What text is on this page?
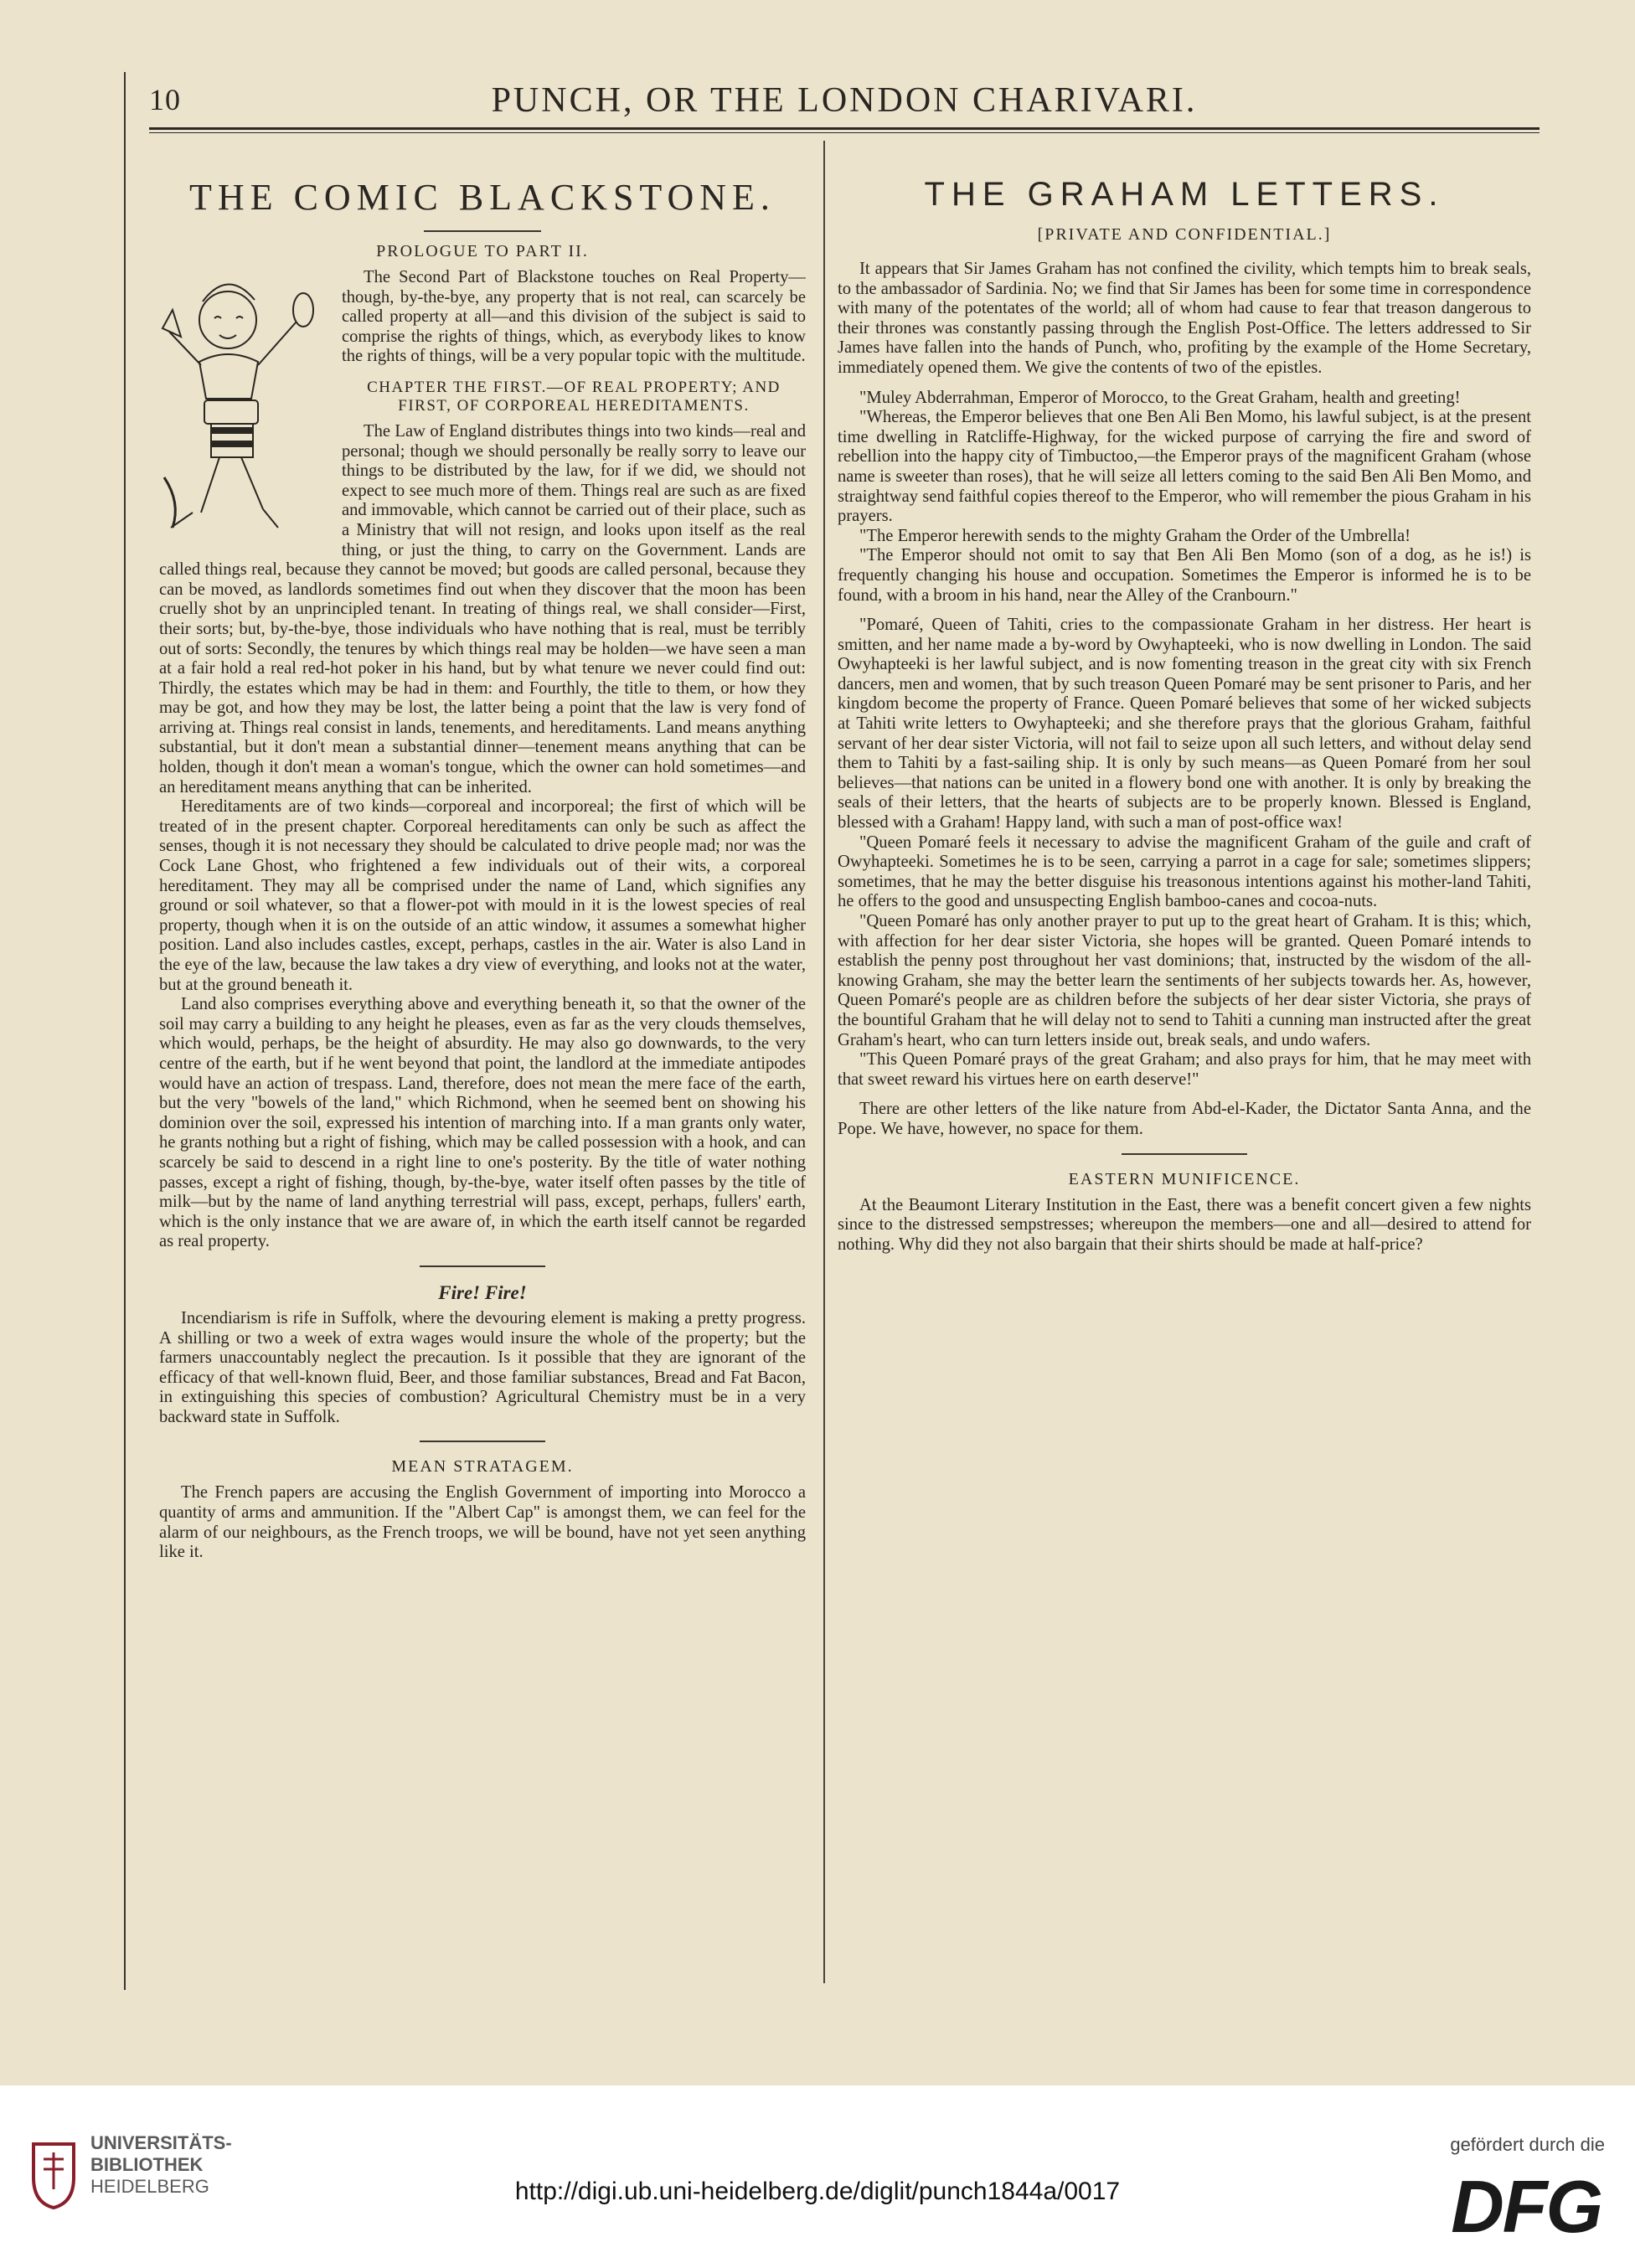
10	PUNCH, OR THE LONDON CHARIVARI.
THE COMIC BLACKSTONE.
PROLOGUE TO PART II.

The Second Part of Blackstone touches on Real Property—though, by-the-bye, any property that is not real, can scarcely be called property at all—and this division of the subject is said to comprise the rights of things, which, as everybody likes to know the rights of things, will be a very popular topic with the multitude.

CHAPTER THE FIRST.—OF REAL PROPERTY; AND FIRST, OF CORPOREAL HEREDITAMENTS.

The Law of England distributes things into two kinds—real and personal; though we should personally be really sorry to leave our things to be distributed by the law, for if we did, we should not expect to see much more of them. Things real are such as are fixed and immovable, which cannot be carried out of their place, such as a Ministry that will not resign, and looks upon itself as the real thing, or just the thing, to carry on the Government. Lands are called things real, because they cannot be moved; but goods are called personal, because they can be moved, as landlords sometimes find out when they discover that the moon has been cruelly shot by an unprincipled tenant. In treating of things real, we shall consider—First, their sorts; but, by-the-bye, those individuals who have nothing that is real, must be terribly out of sorts: Secondly, the tenures by which things real may be holden—we have seen a man at a fair hold a real red-hot poker in his hand, but by what tenure we never could find out: Thirdly, the estates which may be had in them: and Fourthly, the title to them, or how they may be got, and how they may be lost, the latter being a point that the law is very fond of arriving at. Things real consist in lands, tenements, and hereditaments. Land means anything substantial, but it don't mean a substantial dinner—tenement means anything that can be holden, though it don't mean a woman's tongue, which the owner can hold sometimes—and an hereditament means anything that can be inherited.

Hereditaments are of two kinds—corporeal and incorporeal; the first of which will be treated of in the present chapter. Corporeal hereditaments can only be such as affect the senses, though it is not necessary they should be calculated to drive people mad; nor was the Cock Lane Ghost, who frightened a few individuals out of their wits, a corporeal hereditament. They may all be comprised under the name of Land, which signifies any ground or soil whatever, so that a flower-pot with mould in it is the lowest species of real property, though when it is on the outside of an attic window, it assumes a somewhat higher position. Land also includes castles, except, perhaps, castles in the air. Water is also Land in the eye of the law, because the law takes a dry view of everything, and looks not at the water, but at the ground beneath it.

Land also comprises everything above and everything beneath it, so that the owner of the soil may carry a building to any height he pleases, even as far as the very clouds themselves, which would, perhaps, be the height of absurdity. He may also go downwards, to the very centre of the earth, but if he went beyond that point, the landlord at the immediate antipodes would have an action of trespass. Land, therefore, does not mean the mere face of the earth, but the very "bowels of the land," which Richmond, when he seemed bent on showing his dominion over the soil, expressed his intention of marching into. If a man grants only water, he grants nothing but a right of fishing, which may be called possession with a hook, and can scarcely be said to descend in a right line to one's posterity. By the title of water nothing passes, except a right of fishing, though, by-the-bye, water itself often passes by the title of milk—but by the name of land anything terrestrial will pass, except, perhaps, fullers' earth, which is the only instance that we are aware of, in which the earth itself cannot be regarded as real property.

Fire! Fire!

Incendiarism is rife in Suffolk, where the devouring element is making a pretty progress. A shilling or two a week of extra wages would insure the whole of the property; but the farmers unaccountably neglect the precaution. Is it possible that they are ignorant of the efficacy of that well-known fluid, Beer, and those familiar substances, Bread and Fat Bacon, in extinguishing this species of combustion? Agricultural Chemistry must be in a very backward state in Suffolk.

MEAN STRATAGEM.

The French papers are accusing the English Government of importing into Morocco a quantity of arms and ammunition. If the "Albert Cap" is amongst them, we can feel for the alarm of our neighbours, as the French troops, we will be bound, have not yet seen anything like it.

THE GRAHAM LETTERS.
[PRIVATE AND CONFIDENTIAL.]

It appears that Sir James Graham has not confined the civility, which tempts him to break seals, to the ambassador of Sardinia. No; we find that Sir James has been for some time in correspondence with many of the potentates of the world; all of whom had cause to fear that treason dangerous to their thrones was constantly passing through the English Post-Office. The letters addressed to Sir James have fallen into the hands of Punch, who, profiting by the example of the Home Secretary, immediately opened them. We give the contents of two of the epistles.

"Muley Abderrahman, Emperor of Morocco, to the Great Graham, health and greeting!

"Whereas, the Emperor believes that one Ben Ali Ben Momo, his lawful subject, is at the present time dwelling in Ratcliffe-Highway, for the wicked purpose of carrying the fire and sword of rebellion into the happy city of Timbuctoo,—the Emperor prays of the magnificent Graham (whose name is sweeter than roses), that he will seize all letters coming to the said Ben Ali Ben Momo, and straightway send faithful copies thereof to the Emperor, who will remember the pious Graham in his prayers.

"The Emperor herewith sends to the mighty Graham the Order of the Umbrella!

"The Emperor should not omit to say that Ben Ali Ben Momo (son of a dog, as he is!) is frequently changing his house and occupation. Sometimes the Emperor is informed he is to be found, with a broom in his hand, near the Alley of the Cranbourn."

"Pomaré, Queen of Tahiti, cries to the compassionate Graham in her distress. Her heart is smitten, and her name made a by-word by Owyhapteeki, who is now dwelling in London. The said Owyhapteeki is her lawful subject, and is now fomenting treason in the great city with six French dancers, men and women, that by such treason Queen Pomaré may be sent prisoner to Paris, and her kingdom become the property of France. Queen Pomaré believes that some of her wicked subjects at Tahiti write letters to Owyhapteeki; and she therefore prays that the glorious Graham, faithful servant of her dear sister Victoria, will not fail to seize upon all such letters, and without delay send them to Tahiti by a fast-sailing ship. It is only by such means—as Queen Pomaré from her soul believes—that nations can be united in a flowery bond one with another. It is only by breaking the seals of their letters, that the hearts of subjects are to be properly known. Blessed is England, blessed with a Graham! Happy land, with such a man of post-office wax!

"Queen Pomaré feels it necessary to advise the magnificent Graham of the guile and craft of Owyhapteeki. Sometimes he is to be seen, carrying a parrot in a cage for sale; sometimes slippers; sometimes, that he may the better disguise his treasonous intentions against his mother-land Tahiti, he offers to the good and unsuspecting English bamboo-canes and cocoa-nuts.

"Queen Pomaré has only another prayer to put up to the great heart of Graham. It is this; which, with affection for her dear sister Victoria, she hopes will be granted. Queen Pomaré intends to establish the penny post throughout her vast dominions; that, instructed by the wisdom of the all-knowing Graham, she may the better learn the sentiments of her subjects towards her. As, however, Queen Pomaré's people are as children before the subjects of her dear sister Victoria, she prays of the bountiful Graham that he will delay not to send to Tahiti a cunning man instructed after the great Graham's heart, who can turn letters inside out, break seals, and undo wafers.

"This Queen Pomaré prays of the great Graham; and also prays for him, that he may meet with that sweet reward his virtues here on earth deserve!"

There are other letters of the like nature from Abd-el-Kader, the Dictator Santa Anna, and the Pope. We have, however, no space for them.

EASTERN MUNIFICENCE.

At the Beaumont Literary Institution in the East, there was a benefit concert given a few nights since to the distressed sempstresses; whereupon the members—one and all—desired to attend for nothing. Why did they not also bargain that their shirts should be made at half-price?

UNIVERSITÄTS-
BIBLIOTHEK
HEIDELBERG	http://digi.ub.uni-heidelberg.de/diglit/punch1844a/0017
gefördert durch die
DFG
